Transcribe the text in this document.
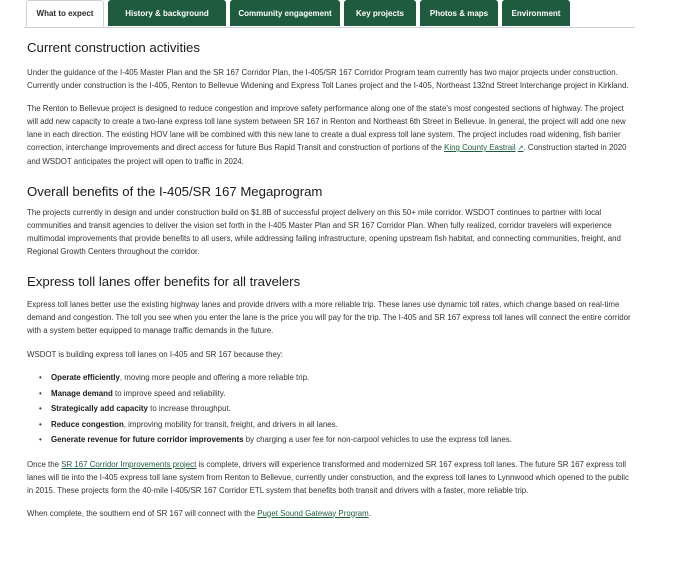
What to expect	History & background	Community engagement	Key projects	Photos & maps	Environment
Current construction activities

Under the guidance of the I-405 Master Plan and the SR 167 Corridor Plan, the I-405/SR 167 Corridor Program team currently has two major projects under construction. Currently under construction is the I-405, Renton to Bellevue Widening and Express Toll Lanes project and the I-405, Northeast 132nd Street Interchange project in Kirkland.

The Renton to Bellevue project is designed to reduce congestion and improve safety performance along one of the state's most congested sections of highway. The project will add new capacity to create a two-lane express toll lane system between SR 167 in Renton and Northeast 6th Street in Bellevue. In general, the project will add one new lane in each direction. The existing HOV lane will be combined with this new lane to create a dual express toll lane system. The project includes road widening, fish barrier correction, interchange improvements and direct access for future Bus Rapid Transit and construction of portions of the King County Eastrail ↗. Construction started in 2020 and WSDOT anticipates the project will open to traffic in 2024.

Overall benefits of the I-405/SR 167 Megaprogram

The projects currently in design and under construction build on $1.8B of successful project delivery on this 50+ mile corridor. WSDOT continues to partner with local communities and transit agencies to deliver the vision set forth in the I-405 Master Plan and SR 167 Corridor Plan. When fully realized, corridor travelers will experience multimodal improvements that provide benefits to all users, while addressing failing infrastructure, opening upstream fish habitat, and connecting communities, freight, and Regional Growth Centers throughout the corridor.

Express toll lanes offer benefits for all travelers

Express toll lanes better use the existing highway lanes and provide drivers with a more reliable trip. These lanes use dynamic toll rates, which change based on real-time demand and congestion. The toll you see when you enter the lane is the price you will pay for the trip. The I-405 and SR 167 express toll lanes will connect the entire corridor with a system better equipped to manage traffic demands in the future.

WSDOT is building express toll lanes on I-405 and SR 167 because they:

• Operate efficiently, moving more people and offering a more reliable trip.
• Manage demand to improve speed and reliability.
• Strategically add capacity to increase throughput.
• Reduce congestion, improving mobility for transit, freight, and drivers in all lanes.
• Generate revenue for future corridor improvements by charging a user fee for non-carpool vehicles to use the express toll lanes.

Once the SR 167 Corridor Improvements project is complete, drivers will experience transformed and modernized SR 167 express toll lanes. The future SR 167 express toll lanes will tie into the I-405 express toll lane system from Renton to Bellevue, currently under construction, and the express toll lanes to Lynnwood which opened to the public in 2015. These projects form the 40-mile I-405/SR 167 Corridor ETL system that benefits both transit and drivers with a faster, more reliable trip.

When complete, the southern end of SR 167 will connect with the Puget Sound Gateway Program.
